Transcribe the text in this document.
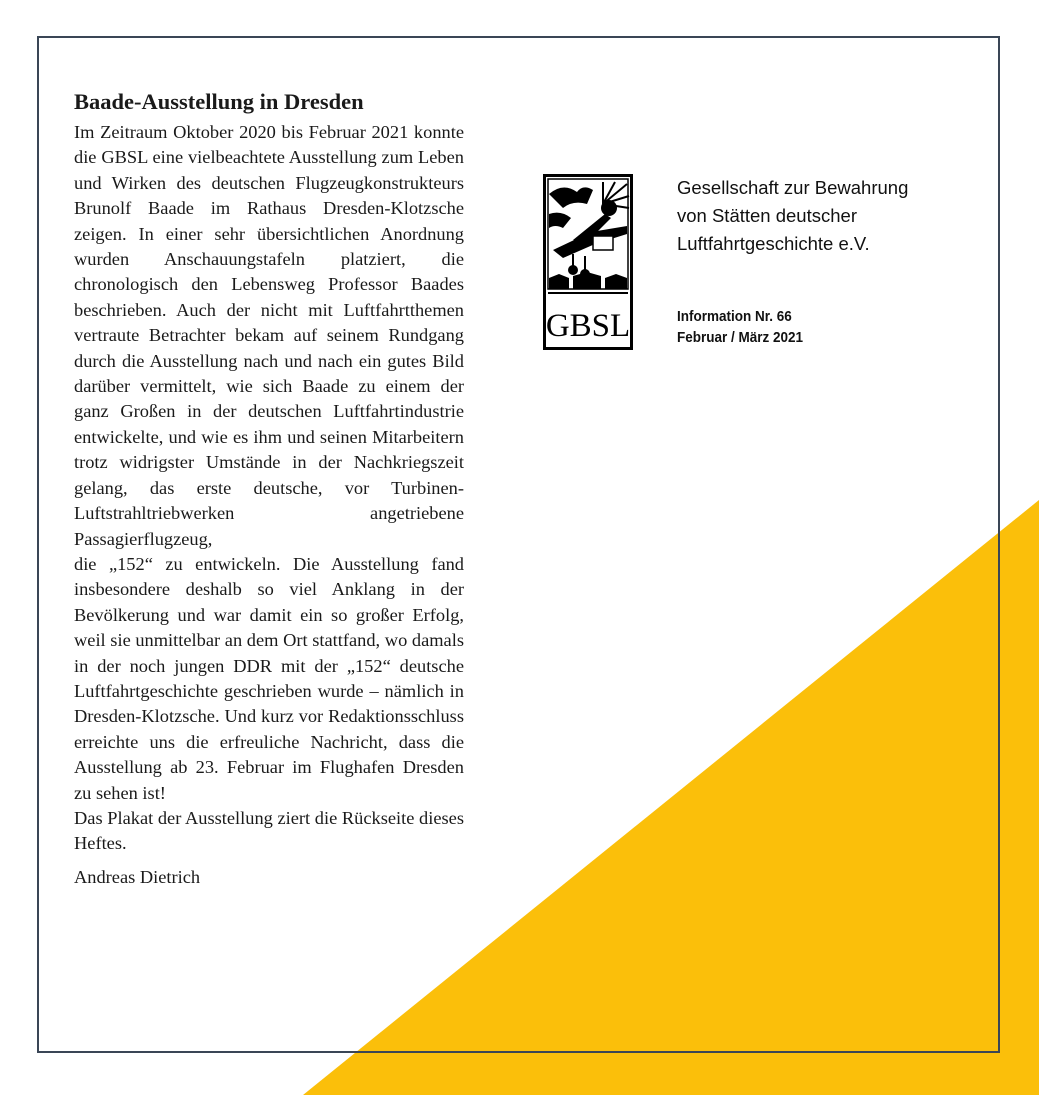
Baade-Ausstellung in Dresden

Im Zeitraum Oktober 2020 bis Februar 2021 konnte die GBSL eine vielbeachtete Ausstellung zum Leben und Wirken des deutschen Flugzeugkonstrukteurs Brunolf Baade im Rathaus Dresden-Klotzsche zeigen. In einer sehr übersichtlichen Anordnung wurden Anschauungstafeln platziert, die chronologisch den Lebensweg Professor Baades beschrieben. Auch der nicht mit Luftfahrtthemen vertraute Betrachter bekam auf seinem Rundgang durch die Ausstellung nach und nach ein gutes Bild darüber vermittelt, wie sich Baade zu einem der ganz Großen in der deutschen Luftfahrtindustrie entwickelte, und wie es ihm und seinen Mitarbeitern trotz widrigster Umstände in der Nachkriegszeit gelang, das erste deutsche, vor Turbinen-Luftstrahltriebwerken angetriebene Passagierflugzeug,
die „152“ zu entwickeln. Die Ausstellung fand insbesondere deshalb so viel Anklang in der Bevölkerung und war damit ein so großer Erfolg, weil sie unmittelbar an dem Ort stattfand, wo damals in der noch jungen DDR mit der „152“ deutsche Luftfahrtgeschichte geschrieben wurde – nämlich in Dresden-Klotzsche. Und kurz vor Redaktionsschluss erreichte uns die erfreuliche Nachricht, dass die Ausstellung ab 23. Februar im Flughafen Dresden zu sehen ist!
Das Plakat der Ausstellung ziert die Rückseite dieses Heftes.

Andreas Dietrich
GBSL
Gesellschaft zur Bewahrung
von Stätten deutscher
Luftfahrtgeschichte e.V.
Information Nr. 66
Februar / März 2021
